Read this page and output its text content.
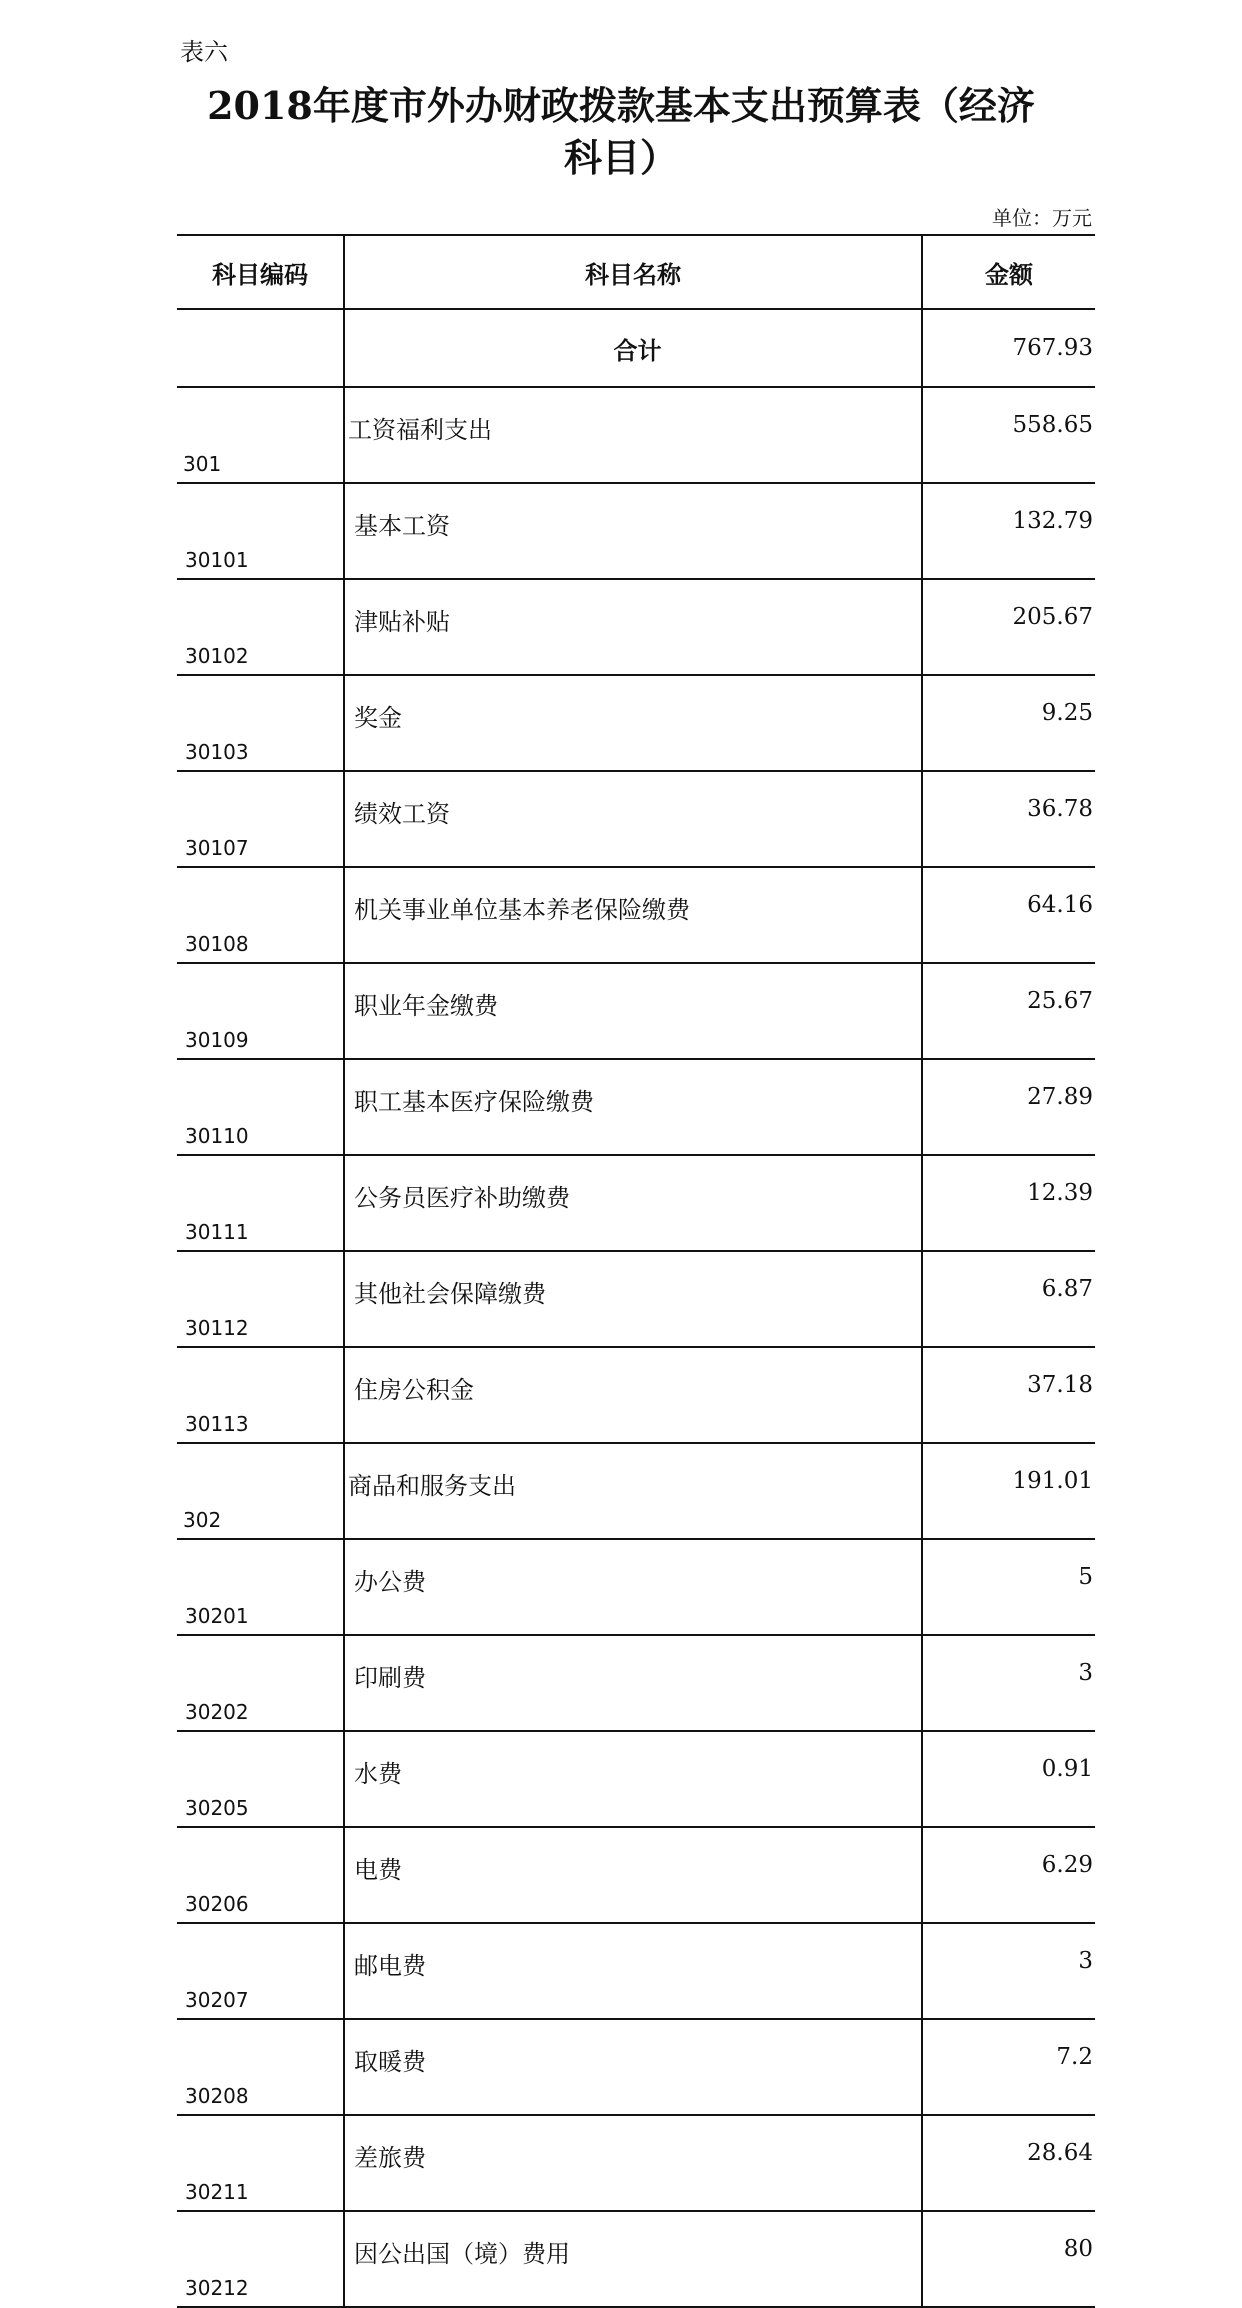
表六
2018年度市外办财政拨款基本支出预算表（经济
科目）
单位：万元
科目编码	科目名称	金额
	合计	767.93
301	工资福利支出	558.65
30101	基本工资	132.79
30102	津贴补贴	205.67
30103	奖金	9.25
30107	绩效工资	36.78
30108	机关事业单位基本养老保险缴费	64.16
30109	职业年金缴费	25.67
30110	职工基本医疗保险缴费	27.89
30111	公务员医疗补助缴费	12.39
30112	其他社会保障缴费	6.87
30113	住房公积金	37.18
302	商品和服务支出	191.01
30201	办公费	5
30202	印刷费	3
30205	水费	0.91
30206	电费	6.29
30207	邮电费	3
30208	取暖费	7.2
30211	差旅费	28.64
30212	因公出国（境）费用	80
